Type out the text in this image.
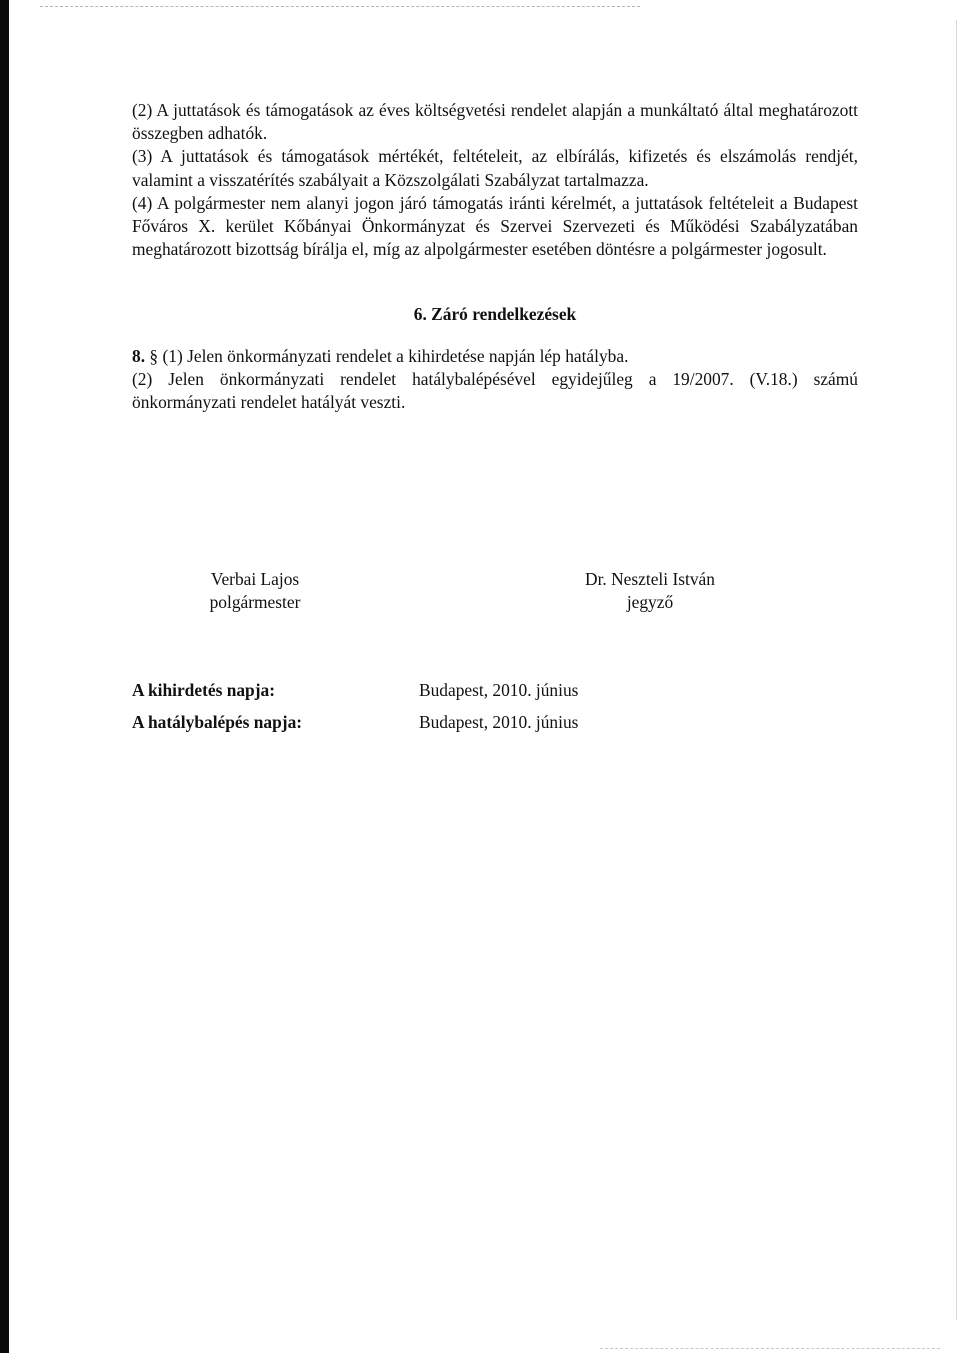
(2) A juttatások és támogatások az éves költségvetési rendelet alapján a munkáltató által meghatározott összegben adhatók.

(3) A juttatások és támogatások mértékét, feltételeit, az elbírálás, kifizetés és elszámolás rendjét, valamint a visszatérítés szabályait a Közszolgálati Szabályzat tartalmazza.

(4) A polgármester nem alanyi jogon járó támogatás iránti kérelmét, a juttatások feltételeit a Budapest Főváros X. kerület Kőbányai Önkormányzat és Szervei Szervezeti és Működési Szabályzatában meghatározott bizottság bírálja el, míg az alpolgármester esetében döntésre a polgármester jogosult.

6. Záró rendelkezések

8. § (1) Jelen önkormányzati rendelet a kihirdetése napján lép hatályba.

(2) Jelen önkormányzati rendelet hatálybalépésével egyidejűleg a 19/2007. (V.18.) számú önkormányzati rendelet hatályát veszti.

Verbai Lajos
polgármester
Dr. Neszteli István
jegyző
A kihirdetés napja:	Budapest, 2010. június
A hatálybalépés napja:	Budapest, 2010. június
